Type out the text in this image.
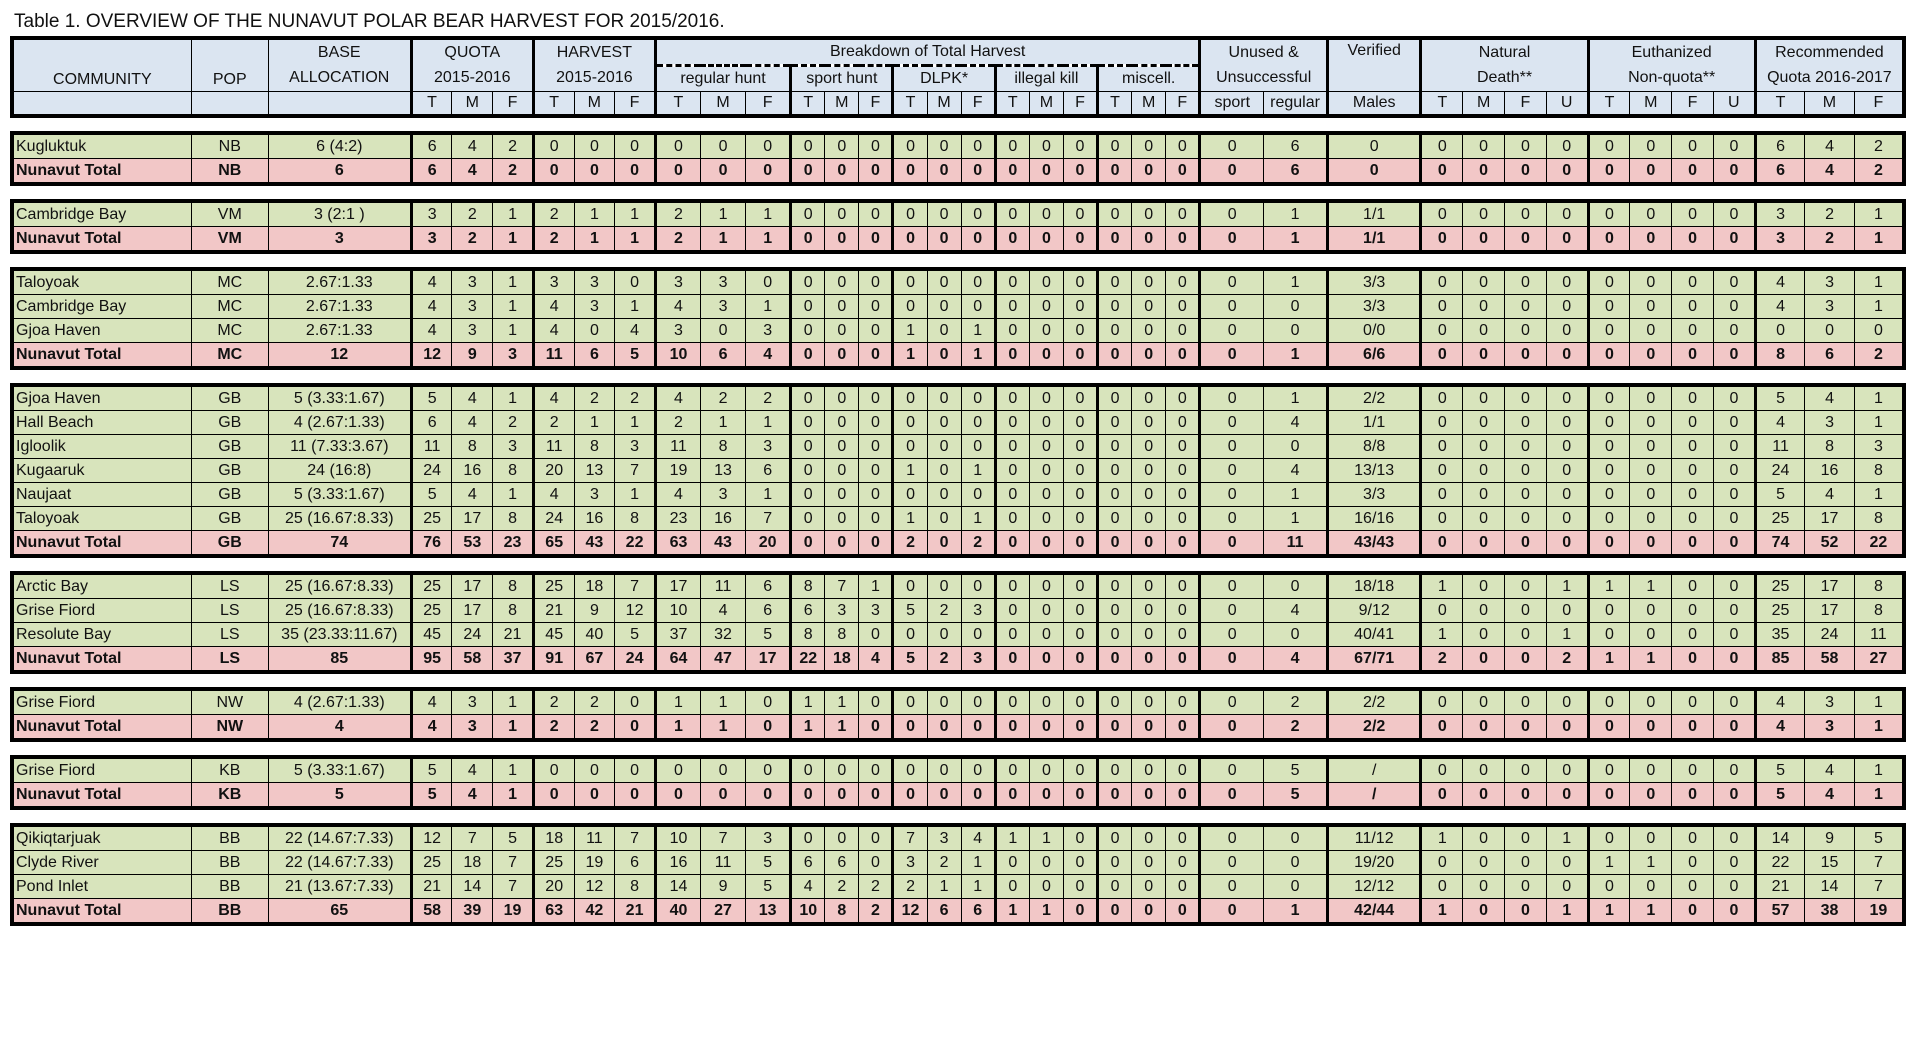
Table 1. OVERVIEW OF THE NUNAVUT POLAR BEAR HARVEST FOR 2015/2016.
COMMUNITY	POP	BASE	QUOTA			HARVEST			Breakdown of Total Harvest															Unused &		Verified	Natural				Euthanized				Recommended		
		ALLOCATION	2015-2016			2015-2016			regular hunt			sport hunt			DLPK*			illegal kill			miscell.			Unsuccessful			Death**				Non-quota**				Quota 2016-2017		
			T	M	F	T	M	F	T	M	F	T	M	F	T	M	F	T	M	F	T	M	F	sport	regular	Males	T	M	F	U	T	M	F	U	T	M	F
Kugluktuk	NB	6 (4:2)	6	4	2	0	0	0	0	0	0	0	0	0	0	0	0	0	0	0	0	0	0	0	6	0	0	0	0	0	0	0	0	0	6	4	2
Nunavut Total	NB	6	6	4	2	0	0	0	0	0	0	0	0	0	0	0	0	0	0	0	0	0	0	0	6	0	0	0	0	0	0	0	0	0	6	4	2
Cambridge Bay	VM	3 (2:1 )	3	2	1	2	1	1	2	1	1	0	0	0	0	0	0	0	0	0	0	0	0	0	1	1/1	0	0	0	0	0	0	0	0	3	2	1
Nunavut Total	VM	3	3	2	1	2	1	1	2	1	1	0	0	0	0	0	0	0	0	0	0	0	0	0	1	1/1	0	0	0	0	0	0	0	0	3	2	1
Taloyoak	MC	2.67:1.33	4	3	1	3	3	0	3	3	0	0	0	0	0	0	0	0	0	0	0	0	0	0	1	3/3	0	0	0	0	0	0	0	0	4	3	1
Cambridge Bay	MC	2.67:1.33	4	3	1	4	3	1	4	3	1	0	0	0	0	0	0	0	0	0	0	0	0	0	0	3/3	0	0	0	0	0	0	0	0	4	3	1
Gjoa Haven	MC	2.67:1.33	4	3	1	4	0	4	3	0	3	0	0	0	1	0	1	0	0	0	0	0	0	0	0	0/0	0	0	0	0	0	0	0	0	0	0	0
Nunavut Total	MC	12	12	9	3	11	6	5	10	6	4	0	0	0	1	0	1	0	0	0	0	0	0	0	1	6/6	0	0	0	0	0	0	0	0	8	6	2
Gjoa Haven	GB	5 (3.33:1.67)	5	4	1	4	2	2	4	2	2	0	0	0	0	0	0	0	0	0	0	0	0	0	1	2/2	0	0	0	0	0	0	0	0	5	4	1
Hall Beach	GB	4 (2.67:1.33)	6	4	2	2	1	1	2	1	1	0	0	0	0	0	0	0	0	0	0	0	0	0	4	1/1	0	0	0	0	0	0	0	0	4	3	1
Igloolik	GB	11 (7.33:3.67)	11	8	3	11	8	3	11	8	3	0	0	0	0	0	0	0	0	0	0	0	0	0	0	8/8	0	0	0	0	0	0	0	0	11	8	3
Kugaaruk	GB	24 (16:8)	24	16	8	20	13	7	19	13	6	0	0	0	1	0	1	0	0	0	0	0	0	0	4	13/13	0	0	0	0	0	0	0	0	24	16	8
Naujaat	GB	5 (3.33:1.67)	5	4	1	4	3	1	4	3	1	0	0	0	0	0	0	0	0	0	0	0	0	0	1	3/3	0	0	0	0	0	0	0	0	5	4	1
Taloyoak	GB	25 (16.67:8.33)	25	17	8	24	16	8	23	16	7	0	0	0	1	0	1	0	0	0	0	0	0	0	1	16/16	0	0	0	0	0	0	0	0	25	17	8
Nunavut Total	GB	74	76	53	23	65	43	22	63	43	20	0	0	0	2	0	2	0	0	0	0	0	0	0	11	43/43	0	0	0	0	0	0	0	0	74	52	22
Arctic Bay	LS	25 (16.67:8.33)	25	17	8	25	18	7	17	11	6	8	7	1	0	0	0	0	0	0	0	0	0	0	0	18/18	1	0	0	1	1	1	0	0	25	17	8
Grise Fiord	LS	25 (16.67:8.33)	25	17	8	21	9	12	10	4	6	6	3	3	5	2	3	0	0	0	0	0	0	0	4	9/12	0	0	0	0	0	0	0	0	25	17	8
Resolute Bay	LS	35 (23.33:11.67)	45	24	21	45	40	5	37	32	5	8	8	0	0	0	0	0	0	0	0	0	0	0	0	40/41	1	0	0	1	0	0	0	0	35	24	11
Nunavut Total	LS	85	95	58	37	91	67	24	64	47	17	22	18	4	5	2	3	0	0	0	0	0	0	0	4	67/71	2	0	0	2	1	1	0	0	85	58	27
Grise Fiord	NW	4 (2.67:1.33)	4	3	1	2	2	0	1	1	0	1	1	0	0	0	0	0	0	0	0	0	0	0	2	2/2	0	0	0	0	0	0	0	0	4	3	1
Nunavut Total	NW	4	4	3	1	2	2	0	1	1	0	1	1	0	0	0	0	0	0	0	0	0	0	0	2	2/2	0	0	0	0	0	0	0	0	4	3	1
Grise Fiord	KB	5 (3.33:1.67)	5	4	1	0	0	0	0	0	0	0	0	0	0	0	0	0	0	0	0	0	0	0	5	/	0	0	0	0	0	0	0	0	5	4	1
Nunavut Total	KB	5	5	4	1	0	0	0	0	0	0	0	0	0	0	0	0	0	0	0	0	0	0	0	5	/	0	0	0	0	0	0	0	0	5	4	1
Qikiqtarjuak	BB	22 (14.67:7.33)	12	7	5	18	11	7	10	7	3	0	0	0	7	3	4	1	1	0	0	0	0	0	0	11/12	1	0	0	1	0	0	0	0	14	9	5
Clyde River	BB	22 (14.67:7.33)	25	18	7	25	19	6	16	11	5	6	6	0	3	2	1	0	0	0	0	0	0	0	0	19/20	0	0	0	0	1	1	0	0	22	15	7
Pond Inlet	BB	21 (13.67:7.33)	21	14	7	20	12	8	14	9	5	4	2	2	2	1	1	0	0	0	0	0	0	0	0	12/12	0	0	0	0	0	0	0	0	21	14	7
Nunavut Total	BB	65	58	39	19	63	42	21	40	27	13	10	8	2	12	6	6	1	1	0	0	0	0	0	1	42/44	1	0	0	1	1	1	0	0	57	38	19
